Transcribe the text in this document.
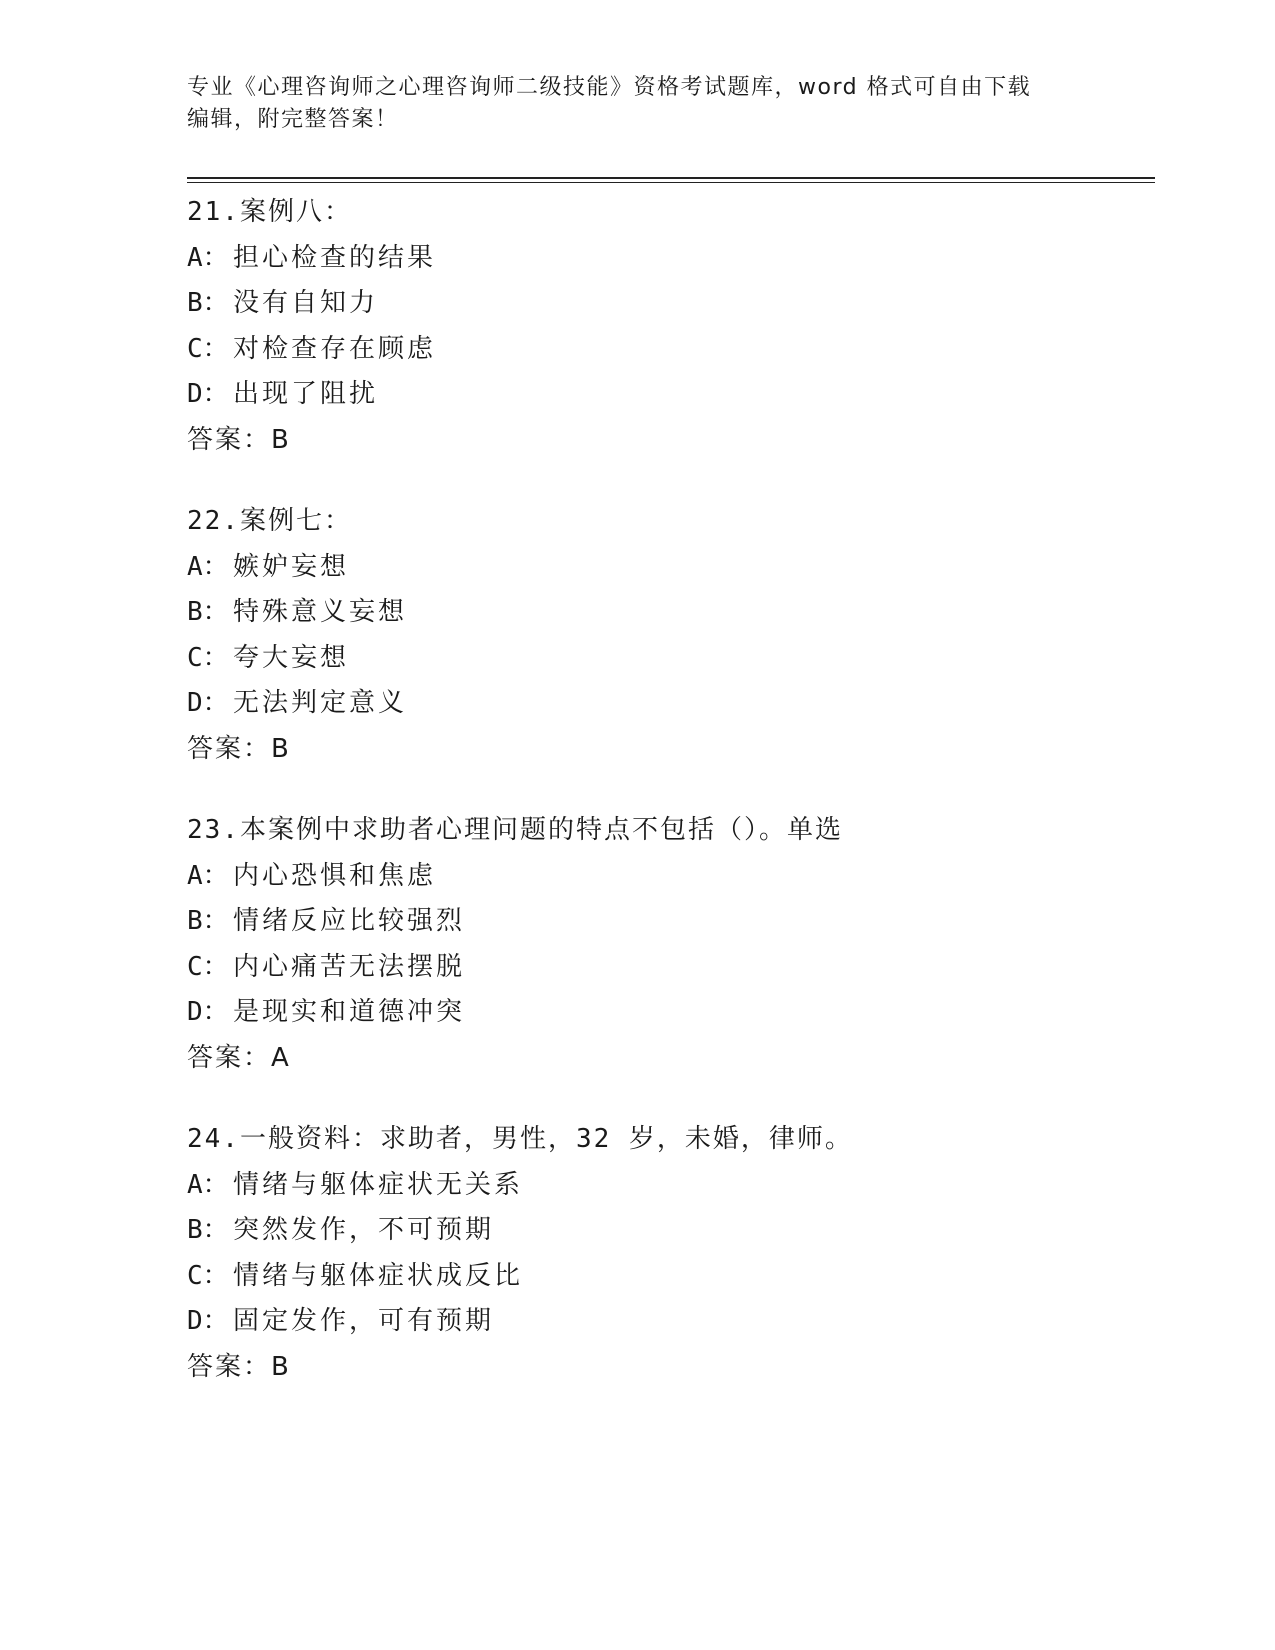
专业《心理咨询师之心理咨询师二级技能》资格考试题库，word 格式可自由下载
编辑，附完整答案！
21.案例八：
A： 担心检查的结果
B： 没有自知力
C： 对检查存在顾虑
D： 出现了阻扰
答案：B
22.案例七：
A： 嫉妒妄想
B： 特殊意义妄想
C： 夸大妄想
D： 无法判定意义
答案：B
23.本案例中求助者心理问题的特点不包括（）。单选
A： 内心恐惧和焦虑
B： 情绪反应比较强烈
C： 内心痛苦无法摆脱
D： 是现实和道德冲突
答案：A
24.一般资料：求助者，男性，32 岁，未婚，律师。
A： 情绪与躯体症状无关系
B： 突然发作，不可预期
C： 情绪与躯体症状成反比
D： 固定发作，可有预期
答案：B
